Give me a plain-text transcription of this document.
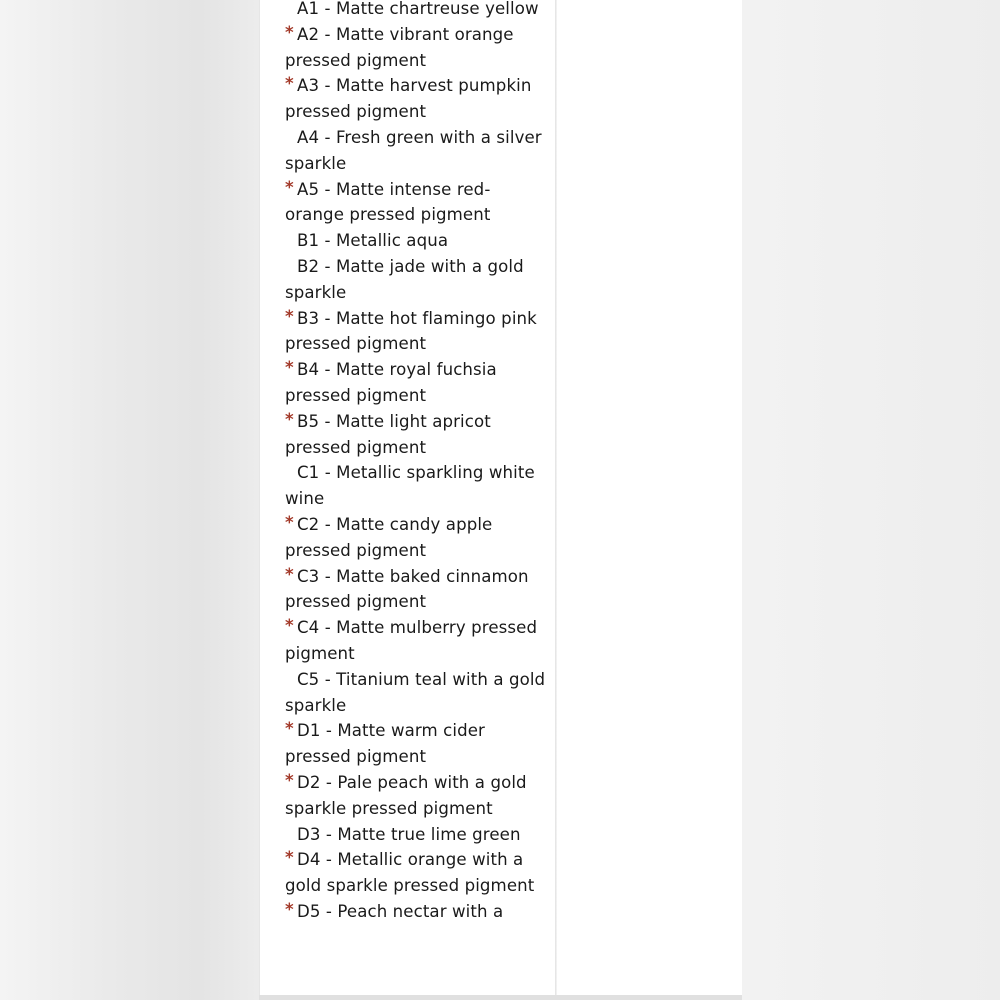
A1 - Matte chartreuse yellow
* A2 - Matte vibrant orange pressed pigment
* A3 - Matte harvest pumpkin pressed pigment
A4 - Fresh green with a silver sparkle
* A5 - Matte intense red-orange pressed pigment
B1 - Metallic aqua
B2 - Matte jade with a gold sparkle
* B3 - Matte hot flamingo pink pressed pigment
* B4 - Matte royal fuchsia pressed pigment
* B5 - Matte light apricot pressed pigment
C1 - Metallic sparkling white wine
* C2 - Matte candy apple pressed pigment
* C3 - Matte baked cinnamon pressed pigment
* C4 - Matte mulberry pressed pigment
C5 - Titanium teal with a gold sparkle
* D1 - Matte warm cider pressed pigment
* D2 - Pale peach with a gold sparkle pressed pigment
D3 - Matte true lime green
* D4 - Metallic orange with a gold sparkle pressed pigment
* D5 - Peach nectar with a
